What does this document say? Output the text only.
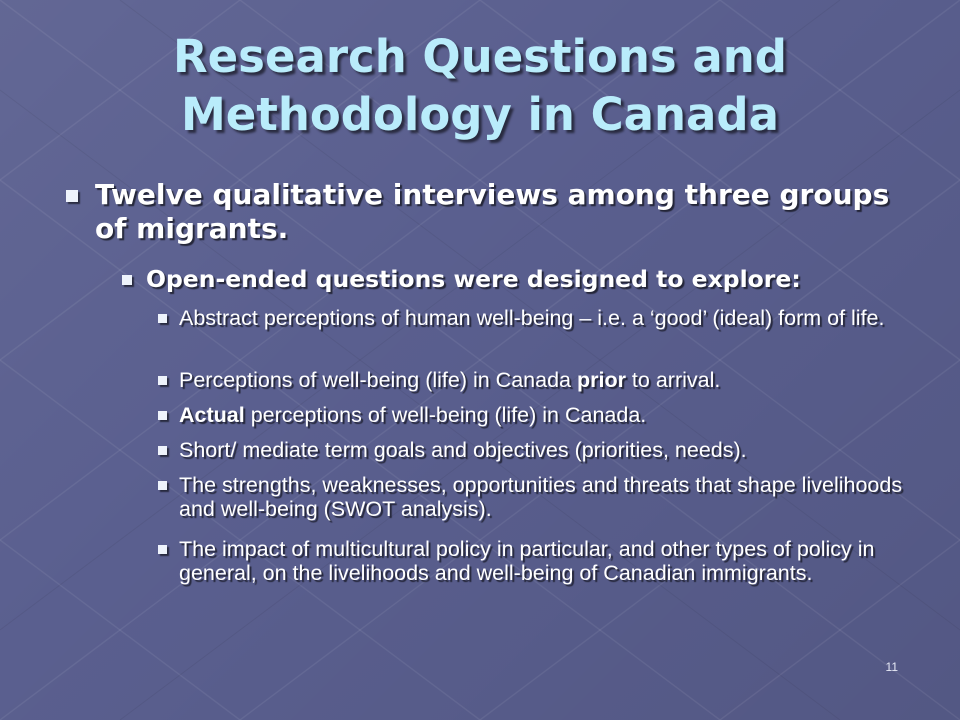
Research Questions and Methodology in Canada
Twelve qualitative interviews among three groups of migrants.
Open-ended questions were designed to explore:
Abstract perceptions of human well-being – i.e. a ‘good’ (ideal) form of life.
Perceptions of well-being (life) in Canada prior to arrival.
Actual perceptions of well-being (life) in Canada.
Short/ mediate term goals and objectives (priorities, needs).
The strengths, weaknesses, opportunities and threats that shape livelihoods and well-being (SWOT analysis).
The impact of multicultural policy in particular, and other types of policy in general, on the livelihoods and well-being of Canadian immigrants.
11
